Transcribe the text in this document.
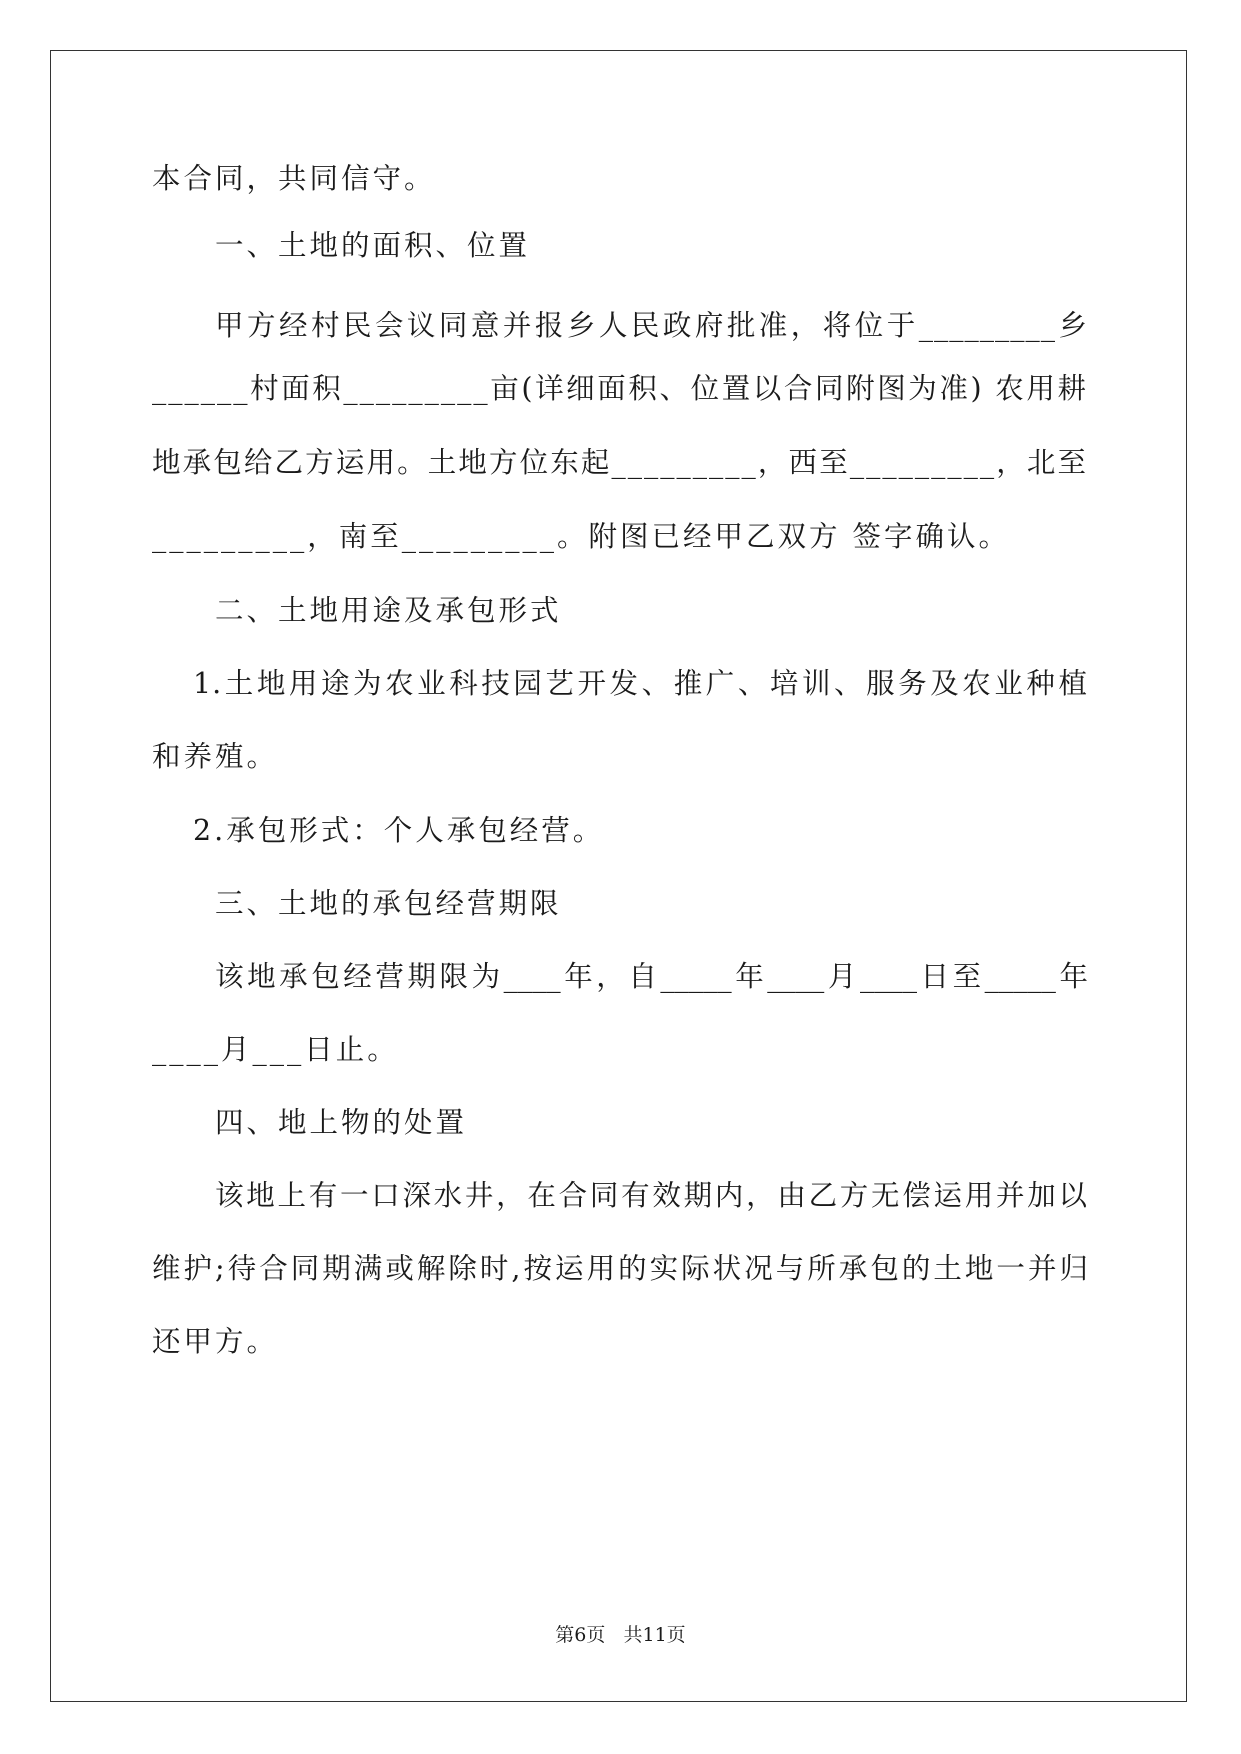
本合同，共同信守。
一、土地的面积、位置
甲方经村民会议同意并报乡人民政府批准，将位于_________乡
______村面积_________亩(详细面积、位置以合同附图为准) 农用耕
地承包给乙方运用。土地方位东起_________，西至_________，北至
_________，南至_________。附图已经甲乙双方 签字确认。
二、土地用途及承包形式
1.土地用途为农业科技园艺开发、推广、培训、服务及农业种植
和养殖。
2.承包形式：个人承包经营。
三、土地的承包经营期限
该地承包经营期限为____年，自_____年____月____日至_____年
____月___日止。
四、地上物的处置
该地上有一口深水井，在合同有效期内，由乙方无偿运用并加以
维护;待合同期满或解除时,按运用的实际状况与所承包的土地一并归
还甲方。
第6页   共11页
